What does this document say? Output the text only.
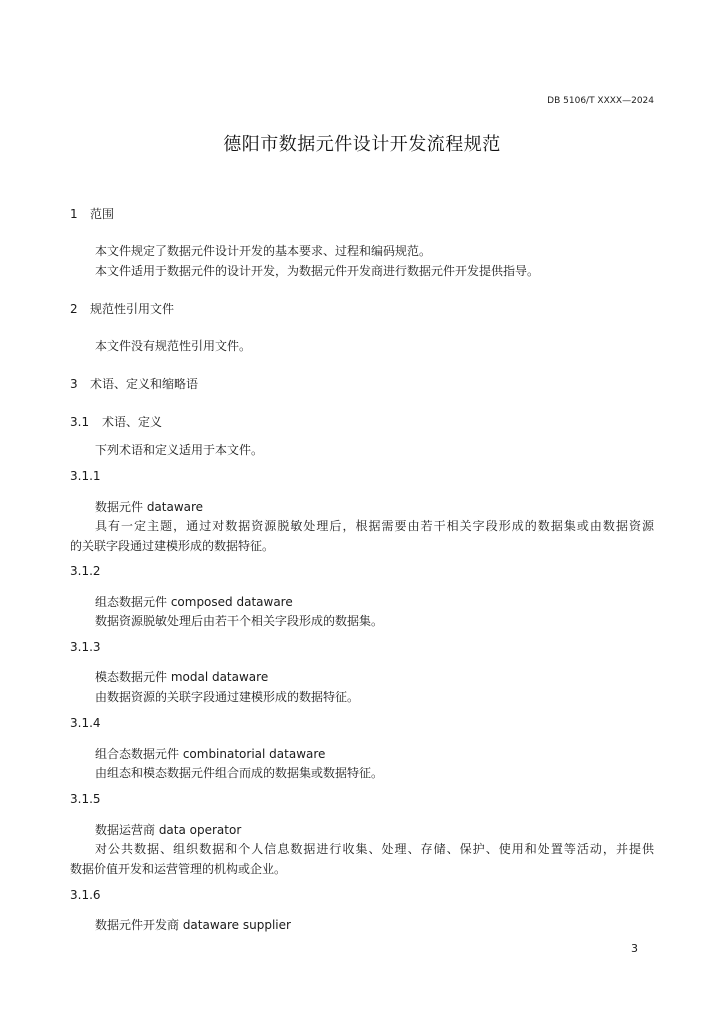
DB 5106/T XXXX—2024
德阳市数据元件设计开发流程规范
1 范围
本文件规定了数据元件设计开发的基本要求、过程和编码规范。
本文件适用于数据元件的设计开发，为数据元件开发商进行数据元件开发提供指导。
2 规范性引用文件
本文件没有规范性引用文件。
3 术语、定义和缩略语
3.1 术语、定义
下列术语和定义适用于本文件。
3.1.1
数据元件 dataware
具有一定主题，通过对数据资源脱敏处理后，根据需要由若干相关字段形成的数据集或由数据资源
的关联字段通过建模形成的数据特征。
3.1.2
组态数据元件 composed dataware
数据资源脱敏处理后由若干个相关字段形成的数据集。
3.1.3
模态数据元件 modal dataware
由数据资源的关联字段通过建模形成的数据特征。
3.1.4
组合态数据元件 combinatorial dataware
由组态和模态数据元件组合而成的数据集或数据特征。
3.1.5
数据运营商 data operator
对公共数据、组织数据和个人信息数据进行收集、处理、存储、保护、使用和处置等活动，并提供
数据价值开发和运营管理的机构或企业。
3.1.6
数据元件开发商 dataware supplier
3
